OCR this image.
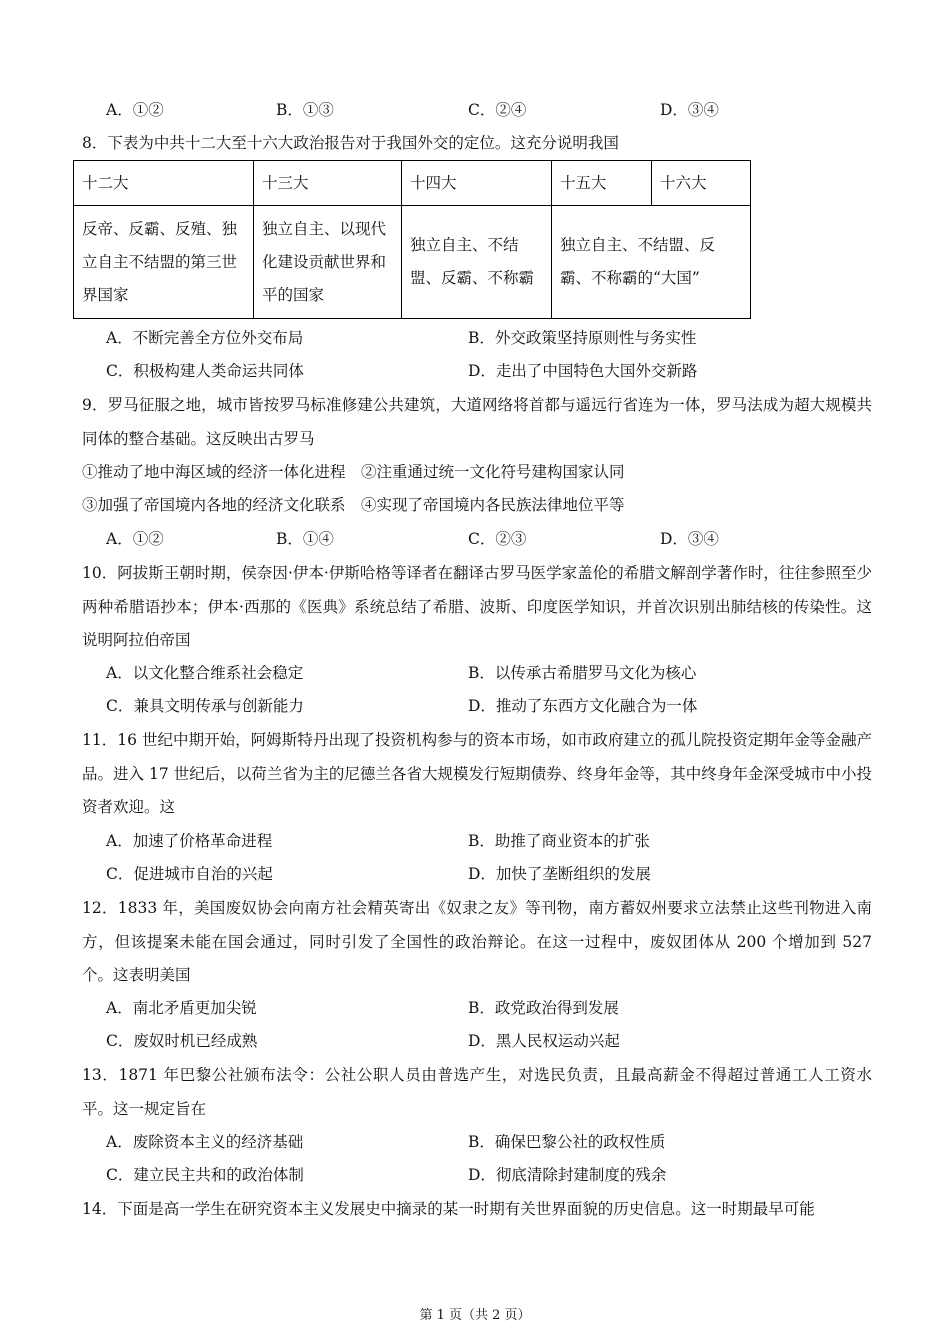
A．①②	B．①③	C．②④	D．③④
8．下表为中共十二大至十六大政治报告对于我国外交的定位。这充分说明我国
十二大	十三大	十四大	十五大	十六大
反帝、反霸、反殖、独立自主不结盟的第三世界国家	独立自主、以现代化建设贡献世界和平的国家	独立自主、不结盟、反霸、不称霸	独立自主、不结盟、反霸、不称霸的“大国”	
A．不断完善全方位外交布局	B．外交政策坚持原则性与务实性
C．积极构建人类命运共同体	D．走出了中国特色大国外交新路
9．罗马征服之地，城市皆按罗马标准修建公共建筑，大道网络将首都与遥远行省连为一体，罗马法成为超大规模共同体的整合基础。这反映出古罗马
①推动了地中海区域的经济一体化进程　②注重通过统一文化符号建构国家认同
③加强了帝国境内各地的经济文化联系　④实现了帝国境内各民族法律地位平等
A．①②	B．①④	C．②③	D．③④
10．阿拔斯王朝时期，侯奈因·伊本·伊斯哈格等译者在翻译古罗马医学家盖伦的希腊文解剖学著作时，往往参照至少两种希腊语抄本；伊本·西那的《医典》系统总结了希腊、波斯、印度医学知识，并首次识别出肺结核的传染性。这说明阿拉伯帝国
A．以文化整合维系社会稳定	B．以传承古希腊罗马文化为核心
C．兼具文明传承与创新能力	D．推动了东西方文化融合为一体
11．16 世纪中期开始，阿姆斯特丹出现了投资机构参与的资本市场，如市政府建立的孤儿院投资定期年金等金融产品。进入 17 世纪后，以荷兰省为主的尼德兰各省大规模发行短期债券、终身年金等，其中终身年金深受城市中小投资者欢迎。这
A．加速了价格革命进程	B．助推了商业资本的扩张
C．促进城市自治的兴起	D．加快了垄断组织的发展
12．1833 年，美国废奴协会向南方社会精英寄出《奴隶之友》等刊物，南方蓄奴州要求立法禁止这些刊物进入南方，但该提案未能在国会通过，同时引发了全国性的政治辩论。在这一过程中，废奴团体从 200 个增加到 527 个。这表明美国
A．南北矛盾更加尖锐	B．政党政治得到发展
C．废奴时机已经成熟	D．黑人民权运动兴起
13．1871 年巴黎公社颁布法令：公社公职人员由普选产生，对选民负责，且最高薪金不得超过普通工人工资水平。这一规定旨在
A．废除资本主义的经济基础	B．确保巴黎公社的政权性质
C．建立民主共和的政治体制	D．彻底清除封建制度的残余
14．下面是高一学生在研究资本主义发展史中摘录的某一时期有关世界面貌的历史信息。这一时期最早可能
第 1 页（共 2 页）
